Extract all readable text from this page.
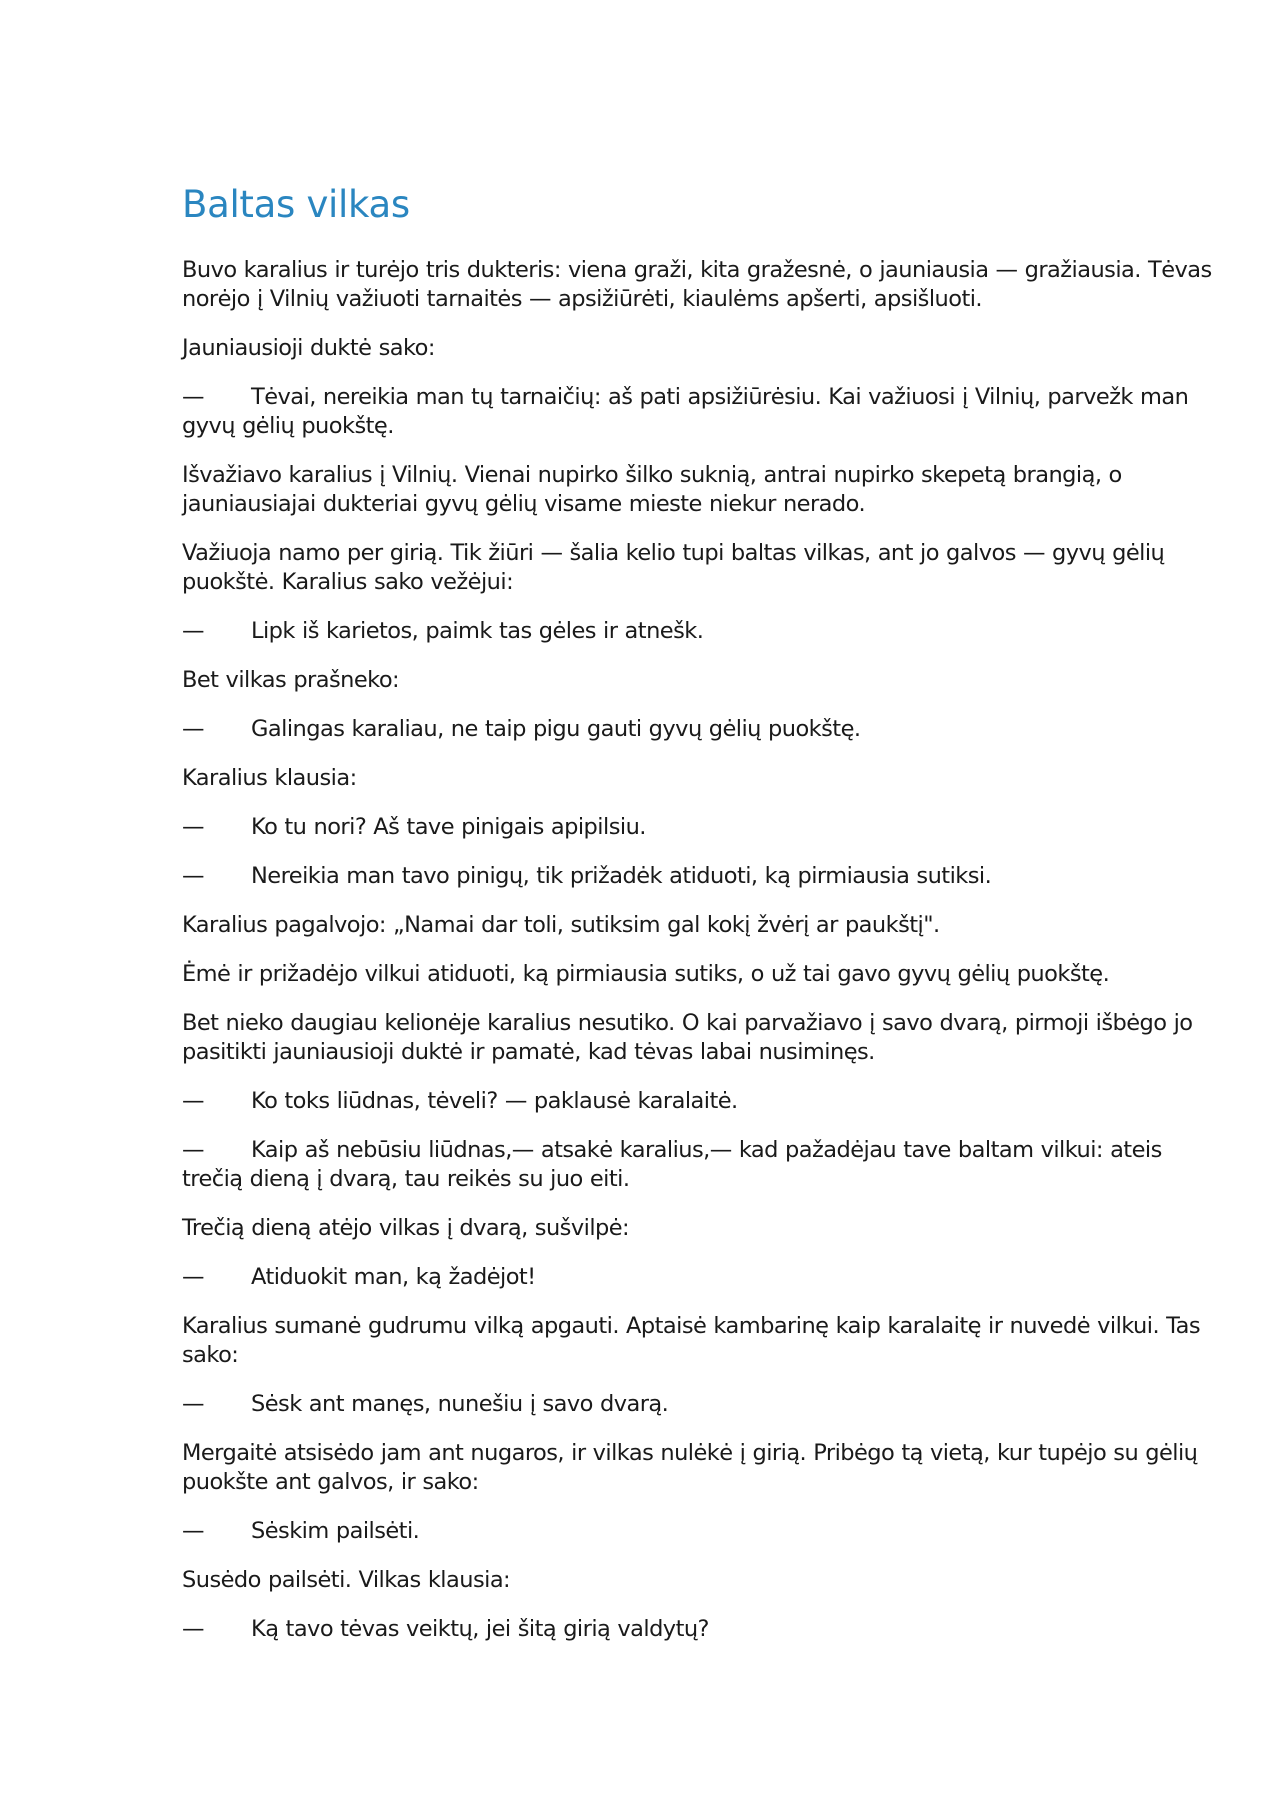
Baltas vilkas

Buvo karalius ir turėjo tris dukteris: viena graži, kita gražesnė, o jauniausia — gražiausia. Tėvas norėjo į Vilnių važiuoti tarnaitės — apsižiūrėti, kiaulėms apšerti, apsišluoti.

Jauniausioji duktė sako:

— Tėvai, nereikia man tų tarnaičių: aš pati apsižiūrėsiu. Kai važiuosi į Vilnių, parvežk man gyvų gėlių puokštę.

Išvažiavo karalius į Vilnių. Vienai nupirko šilko suknią, antrai nupirko skepetą brangią, o jauniausiajai dukteriai gyvų gėlių visame mieste niekur nerado.

Važiuoja namo per girią. Tik žiūri — šalia kelio tupi baltas vilkas, ant jo galvos — gyvų gėlių puokštė. Karalius sako vežėjui:

— Lipk iš karietos, paimk tas gėles ir atnešk.

Bet vilkas prašneko:

— Galingas karaliau, ne taip pigu gauti gyvų gėlių puokštę.

Karalius klausia:

— Ko tu nori? Aš tave pinigais apipilsiu.

— Nereikia man tavo pinigų, tik prižadėk atiduoti, ką pirmiausia sutiksi.

Karalius pagalvojo: „Namai dar toli, sutiksim gal kokį žvėrį ar paukštį".

Ėmė ir prižadėjo vilkui atiduoti, ką pirmiausia sutiks, o už tai gavo gyvų gėlių puokštę.

Bet nieko daugiau kelionėje karalius nesutiko. O kai parvažiavo į savo dvarą, pirmoji išbėgo jo pasitikti jauniausioji duktė ir pamatė, kad tėvas labai nusiminęs.

— Ko toks liūdnas, tėveli? — paklausė karalaitė.

— Kaip aš nebūsiu liūdnas,— atsakė karalius,— kad pažadėjau tave baltam vilkui: ateis trečią dieną į dvarą, tau reikės su juo eiti.

Trečią dieną atėjo vilkas į dvarą, sušvilpė:

— Atiduokit man, ką žadėjot!

Karalius sumanė gudrumu vilką apgauti. Aptaisė kambarinę kaip karalaitę ir nuvedė vilkui. Tas sako:

— Sėsk ant manęs, nunešiu į savo dvarą.

Mergaitė atsisėdo jam ant nugaros, ir vilkas nulėkė į girią. Pribėgo tą vietą, kur tupėjo su gėlių puokšte ant galvos, ir sako:

— Sėskim pailsėti.

Susėdo pailsėti. Vilkas klausia:

— Ką tavo tėvas veiktų, jei šitą girią valdytų?
